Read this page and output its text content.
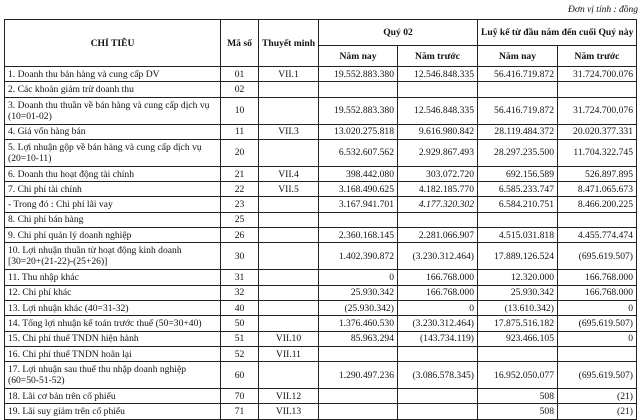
Đơn vị tính : đồng
CHỈ TIÊU	Mã số	Thuyết minh	Quý 02		Luỹ kế từ đầu năm đến cuối Quý này	
			Năm nay	Năm trước	Năm nay	Năm trước
1. Doanh thu bán hàng và cung cấp DV	01	VII.1	19.552.883.380	12.546.848.335	56.416.719.872	31.724.700.076
2. Các khoản giảm trừ doanh thu	02					
3. Doanh thu thuần về bán hàng và cung cấp dịch vụ (10=01-02)	10		19.552.883.380	12.546.848.335	56.416.719.872	31.724.700.076
4. Giá vốn hàng bán	11	VII.3	13.020.275.818	9.616.980.842	28.119.484.372	20.020.377.331
5. Lợi nhuận gộp về bán hàng và cung cấp dịch vụ (20=10-11)	20		6.532.607.562	2.929.867.493	28.297.235.500	11.704.322.745
6. Doanh thu hoạt động tài chính	21	VII.4	398.442.080	303.072.720	692.156.589	526.897.895
7. Chi phí tài chính	22	VII.5	3.168.490.625	4.182.185.770	6.585.233.747	8.471.065.673
- Trong đó : Chi phí lãi vay	23		3.167.941.701	4.177.320.302	6.584.210.751	8.466.200.225
8. Chi phí bán hàng	25					
9. Chi phí quản lý doanh nghiệp	26		2.360.168.145	2.281.066.907	4.515.031.818	4.455.774.474
10. Lợi nhuận thuần từ hoạt động kinh doanh [30=20+(21-22)-(25+26)]	30		1.402.390.872	(3.230.312.464)	17.889.126.524	(695.619.507)
11. Thu nhập khác	31		0	166.768.000	12.320.000	166.768.000
12. Chi phí khác	32		25.930.342	166.768.000	25.930.342	166.768.000
13. Lợi nhuận khác (40=31-32)	40		(25.930.342)	0	(13.610.342)	0
14. Tổng lợi nhuận kế toán trước thuế (50=30+40)	50		1.376.460.530	(3.230.312.464)	17.875.516.182	(695.619.507)
15. Chi phí thuế TNDN hiện hành	51	VII.10	85.963.294	(143.734.119)	923.466.105	0
16. Chi phí thuế TNDN hoãn lại	52	VII.11				
17. Lợi nhuận sau thuế thu nhập doanh nghiệp (60=50-51-52)	60		1.290.497.236	(3.086.578.345)	16.952.050.077	(695.619.507)
18. Lãi cơ bản trên cổ phiếu	70	VII.12			508	(21)
19. Lãi suy giảm trên cổ phiếu	71	VII.13			508	(21)
